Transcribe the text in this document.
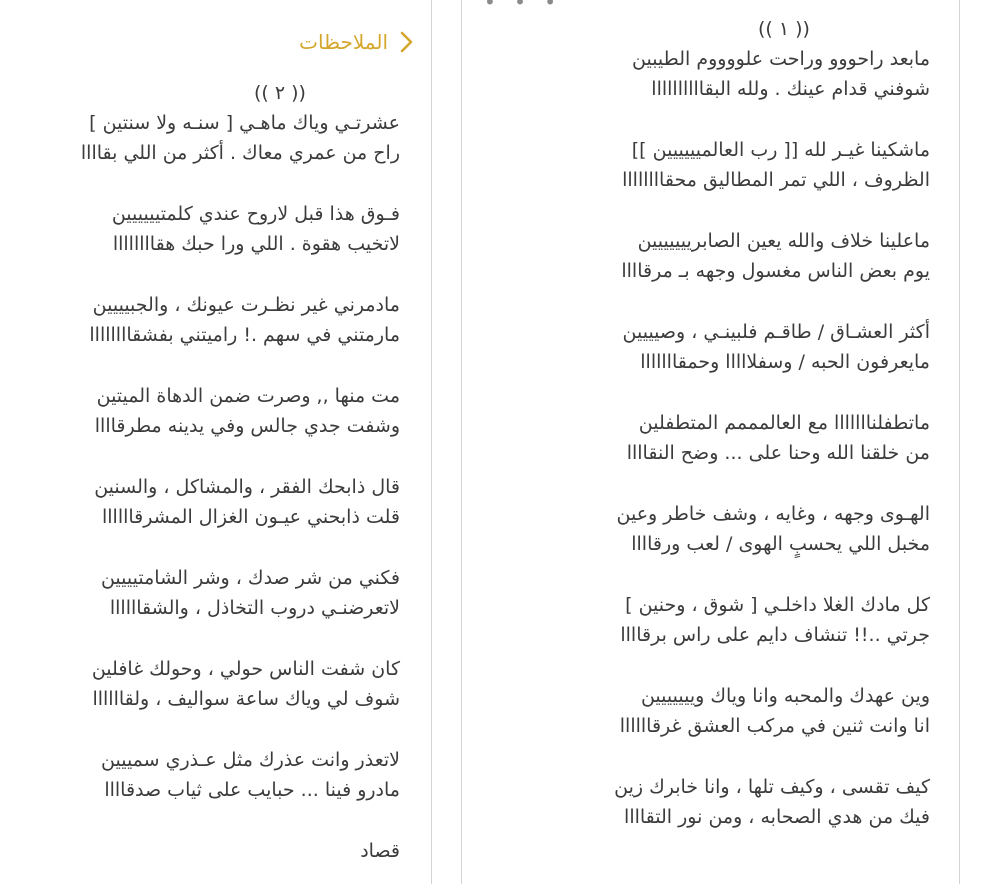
الملاحظات
(( ٢ ))
عشرتـي وياك ماهـي [ سنـه ولا سنتين ]
راح من عمري معاك . أكثر من اللي بقاااا
فـوق هذا قبل لاروح عندي كلمتيييييين
لاتخيب هقوة . اللي ورا حبك هقاااااااا
مادمرني غير نظـرت عيونك ، والجبيييين
مارمتني في سهم .! راميتني بفشقاااااااا
مت منها ,, وصرت ضمن الدهاة الميتين
وشفت جدي جالس وفي يدينه مطرقاااا
قال ذابحك الفقر ، والمشاكل ، والسنين
قلت ذابحني عيـون الغزال المشرقاااااا
فكني من شر صدك ، وشر الشامتيييين
لاتعرضنـي دروب التخاذل ، والشقاااااا
كان شفت الناس حولي ، وحولك غافلين
شوف لي وياك ساعة سواليف ، ولقاااااا
لاتعذر وانت عذرك مثل عـذري سمييين
مادرو فينا ... حبايب على ثياب صدقاااا
قصاد
• • •
(( ١ ))
مابعد راحووو وراحت علووووم الطيبين
شوفني قدام عينك . ولله البقاااااااااا
ماشكينا غيـر لله [[ رب العالميييييين ]]
الظروف ، اللي تمر المطاليق محقاااااااا
ماعلينا خلاف والله يعين الصابرييييييين
يوم بعض الناس مغسول وجهه بـ مرقاااا
أكثر العشـاق / طاقـم فلبينـي ، وصيييين
مايعرفون الحبه / وسفلااااا وحمقااااااا
ماتطفلنااااااا مع العالمممم المتطفلين
من خلقنا الله وحنا على ... وضح النقاااا
الهـوى وجهه ، وغايه ، وشف خاطر وعين
مخبل اللي يحسبٍ الهوى / لعب ورقاااا
كل مادك الغلا داخلـي [ شوق ، وحنين ]
جرتي ..!! تنشاف دايم على راس برقاااا
وين عهدك والمحبه وانا وياك وييييييين
انا وانت ثنين في مركب العشق غرقاااااا
كيف تقسى ، وكيف تلها ، وانا خابرك زين
فيك من هدي الصحابه ، ومن نور التقاااا
